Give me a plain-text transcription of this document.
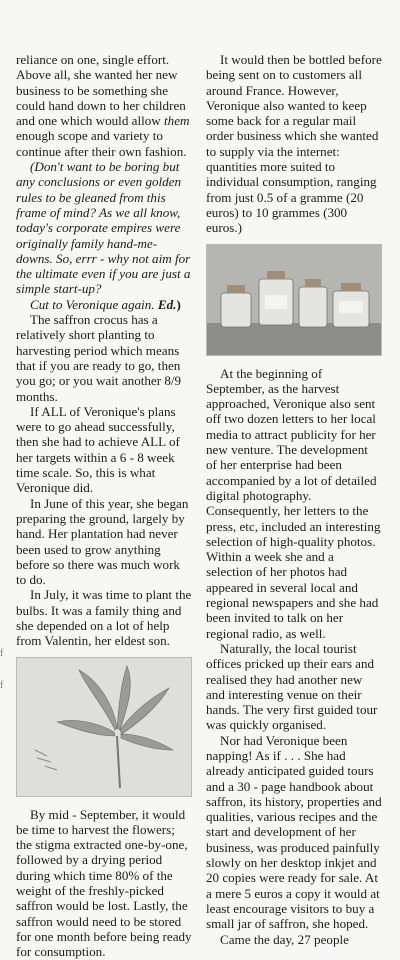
f
f

reliance on one, single effort. Above all, she wanted her new business to be something she could hand down to her children and one which would allow them enough scope and variety to continue after their own fashion.

(Don't want to be boring but any conclusions or even golden rules to be gleaned from this frame of mind? As we all know, today's corporate empires were originally family hand-me-downs. So, errr - why not aim for the ultimate even if you are just a simple start-up?

Cut to Veronique again. Ed.)

The saffron crocus has a relatively short planting to harvesting period which means that if you are ready to go, then you go; or you wait another 8/9 months.

If ALL of Veronique's plans were to go ahead successfully, then she had to achieve ALL of her targets within a 6 - 8 week time scale. So, this is what Veronique did.

In June of this year, she began preparing the ground, largely by hand. Her plantation had never been used to grow anything before so there was much work to do.

In July, it was time to plant the bulbs. It was a family thing and she depended on a lot of help from Valentin, her eldest son.

By mid - September, it would be time to harvest the flowers; the stigma extracted one-by-one, followed by a drying period during which time 80% of the weight of the freshly-picked saffron would be lost. Lastly, the saffron would need to be stored for one month before being ready for consumption.

It would then be bottled before being sent on to customers all around France. However, Veronique also wanted to keep some back for a regular mail order business which she wanted to supply via the internet: quantities more suited to individual consumption, ranging from just 0.5 of a gramme (20 euros) to 10 grammes (300 euros.)

At the beginning of September, as the harvest approached, Veronique also sent off two dozen letters to her local media to attract publicity for her new venture. The development of her enterprise had been accompanied by a lot of detailed digital photography. Consequently, her letters to the press, etc, included an interesting selection of high-quality photos. Within a week she and a selection of her photos had appeared in several local and regional newspapers and she had been invited to talk on her regional radio, as well.

Naturally, the local tourist offices pricked up their ears and realised they had another new and interesting venue on their hands. The very first guided tour was quickly organised.

Nor had Veronique been napping! As if . . . She had already anticipated guided tours and a 30 - page handbook about saffron, its history, properties and qualities, various recipes and the start and development of her business, was produced painfully slowly on her desktop inkjet and 20 copies were ready for sale. At a mere 5 euros a copy it would at least encourage visitors to buy a small jar of saffron, she hoped.

Came the day, 27 people
